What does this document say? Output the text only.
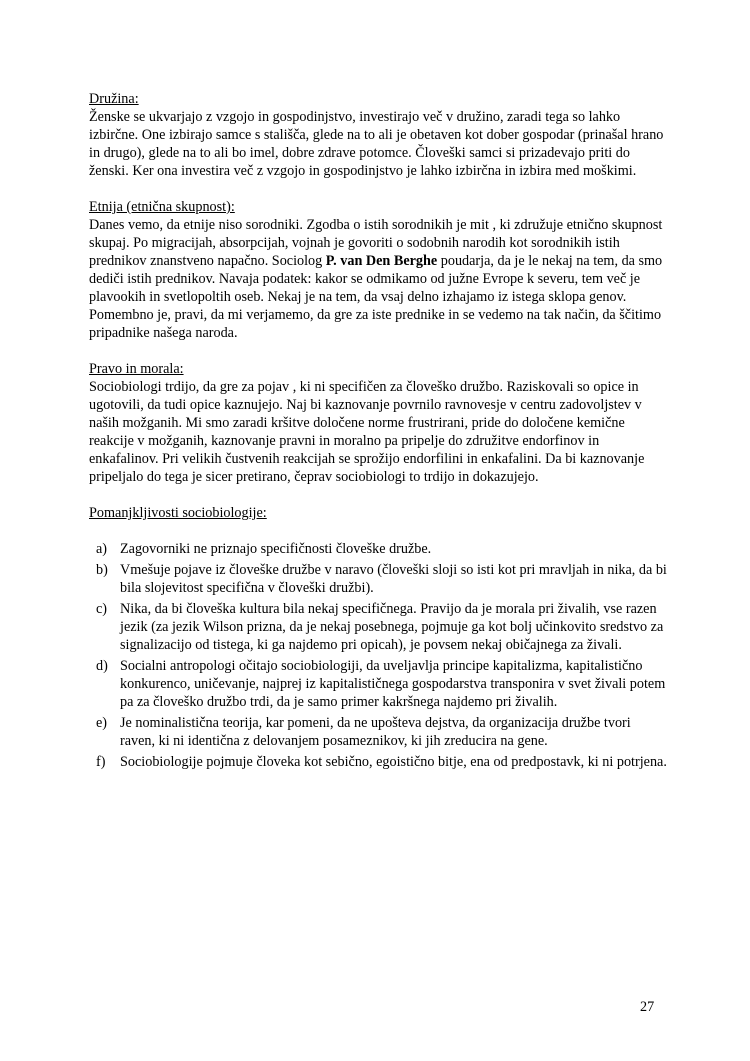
Družina:

Ženske se ukvarjajo z vzgojo in gospodinjstvo, investirajo več v družino, zaradi tega so lahko izbirčne. One izbirajo samce s stališča, glede na to ali je obetaven kot dober gospodar (prinašal hrano in drugo), glede na to ali bo imel, dobre zdrave potomce. Človeški samci si prizadevajo priti do ženski. Ker ona investira več z vzgojo in gospodinjstvo je lahko izbirčna in izbira med moškimi.

Etnija (etnična skupnost):

Danes vemo, da etnije niso sorodniki. Zgodba o istih sorodnikih je mit , ki združuje etnično skupnost skupaj. Po migracijah, absorpcijah, vojnah je govoriti o sodobnih narodih kot sorodnikih istih prednikov znanstveno napačno. Sociolog P. van Den Berghe poudarja, da je le nekaj na tem, da smo dediči istih prednikov. Navaja podatek: kakor se odmikamo od južne Evrope k severu, tem več je plavookih in svetlopoltih oseb. Nekaj je na tem, da vsaj delno izhajamo iz istega sklopa genov. Pomembno je, pravi, da mi verjamemo, da gre za iste prednike in se vedemo na tak način, da ščitimo pripadnike našega naroda.

Pravo in morala:

Sociobiologi trdijo, da gre za pojav , ki ni specifičen za človeško družbo. Raziskovali so opice in ugotovili, da tudi opice kaznujejo. Naj bi kaznovanje povrnilo ravnovesje v centru zadovoljstev v naših možganih. Mi smo zaradi kršitve določene norme frustrirani, pride do določene kemične reakcije v možganih, kaznovanje pravni in moralno pa pripelje do združitve endorfinov in enkafalinov. Pri velikih čustvenih reakcijah se sprožijo endorfilini in enkafalini. Da bi kaznovanje pripeljalo do tega je sicer pretirano, čeprav sociobiologi to trdijo in dokazujejo.

Pomanjkljivosti sociobiologije:
a) Zagovorniki ne priznajo specifičnosti človeške družbe.
b) Vmešuje pojave iz človeške družbe v naravo (človeški sloji so isti kot pri mravljah in nika, da bi bila slojevitost specifična v človeški družbi).
c) Nika, da bi človeška kultura bila nekaj specifičnega. Pravijo da je morala pri živalih, vse razen jezik (za jezik Wilson prizna, da je nekaj posebnega, pojmuje ga kot bolj učinkovito sredstvo za signalizacijo od tistega, ki ga najdemo pri opicah), je povsem nekaj običajnega za živali.
d) Socialni antropologi očitajo sociobiologiji, da uveljavlja principe kapitalizma, kapitalistično konkurenco, uničevanje, najprej iz kapitalističnega gospodarstva transponira v svet živali potem pa za človeško družbo trdi, da je samo primer kakršnega najdemo pri živalih.
e) Je nominalistična teorija, kar pomeni, da ne upošteva dejstva, da organizacija družbe tvori raven, ki ni identična z delovanjem posameznikov, ki jih zreducira na gene.
f)	Sociobiologije pojmuje človeka kot sebično, egoistično bitje, ena od predpostavk, ki ni potrjena.
27
